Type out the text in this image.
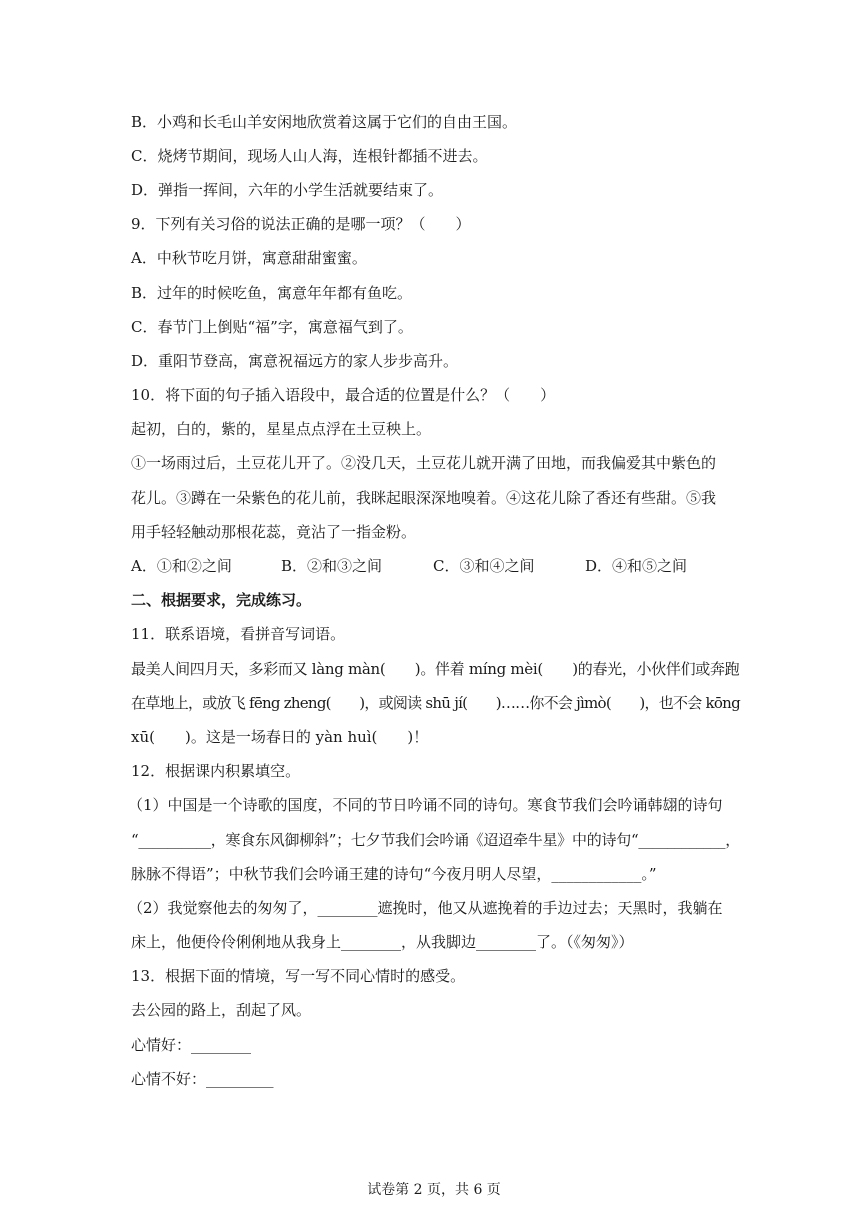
B．小鸡和长毛山羊安闲地欣赏着这属于它们的自由王国。
C．烧烤节期间，现场人山人海，连根针都插不进去。
D．弹指一挥间，六年的小学生活就要结束了。
9．下列有关习俗的说法正确的是哪一项？（　　）
A．中秋节吃月饼，寓意甜甜蜜蜜。
B．过年的时候吃鱼，寓意年年都有鱼吃。
C．春节门上倒贴“福”字，寓意福气到了。
D．重阳节登高，寓意祝福远方的家人步步高升。
10．将下面的句子插入语段中，最合适的位置是什么？（　　）
起初，白的，紫的，星星点点浮在土豆秧上。
①一场雨过后，土豆花儿开了。②没几天，土豆花儿就开满了田地，而我偏爱其中紫色的
花儿。③蹲在一朵紫色的花儿前，我眯起眼深深地嗅着。④这花儿除了香还有些甜。⑤我
用手轻轻触动那根花蕊，竟沾了一指金粉。
A．①和②之间	B．②和③之间	C．③和④之间	D．④和⑤之间
二、根据要求，完成练习。
11．联系语境，看拼音写词语。
最美人间四月天，多彩而又 làng màn(　　)。伴着 míng mèi(　　)的春光，小伙伴们或奔跑
在草地上，或放飞 fēng zheng(　　)，或阅读 shū jí(　　)……你不会 jìmò(　　)，也不会 kōng
xū(　　)。这是一场春日的 yàn huì(　　)！
12．根据课内积累填空。
（1）中国是一个诗歌的国度，不同的节日吟诵不同的诗句。寒食节我们会吟诵韩翃的诗句
“__________，寒食东风御柳斜”；七夕节我们会吟诵《迢迢牵牛星》中的诗句“____________，
脉脉不得语”；中秋节我们会吟诵王建的诗句“今夜月明人尽望，____________。”
（2）我觉察他去的匆匆了，________遮挽时，他又从遮挽着的手边过去；天黑时，我躺在
床上，他便伶伶俐俐地从我身上________，从我脚边________了。（《匆匆》）
13．根据下面的情境，写一写不同心情时的感受。
去公园的路上，刮起了风。
心情好：________
心情不好：_________
试卷第 2 页，共 6 页
